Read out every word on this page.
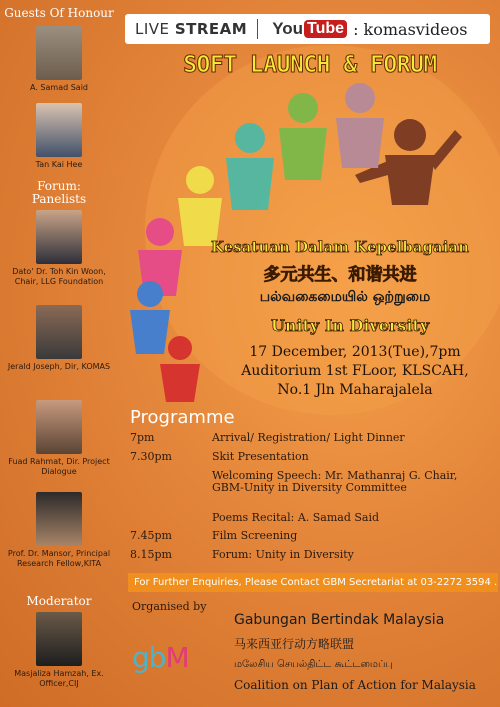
Guests Of Honour
A. Samad Said
Tan Kai Hee
Forum:
Panelists
Dato' Dr. Toh Kin Woon, Chair, LLG Foundation
Jerald Joseph, Dir, KOMAS
Fuad Rahmat, Dir. Project Dialogue
Prof. Dr. Mansor, Principal Research Fellow,KITA
Moderator
Masjaliza Hamzah, Ex. Officer,CIJ
LIVE STREAM You Tube : komasvideos
SOFT LAUNCH & FORUM
Kesatuan Dalam Kepelbagaian
多元共生、和谐共进
பல்வகைமையில் ஒற்றுமை
Unity In Diversity
17 December, 2013(Tue),7pm
Auditorium 1st FLoor, KLSCAH,
No.1 Jln Maharajalela
Programme
7pm	Arrival/ Registration/ Light Dinner
7.30pm	Skit Presentation
Welcoming Speech: Mr. Mathanraj G. Chair, GBM-Unity in Diversity Committee
Poems Recital: A. Samad Said
7.45pm	Film Screening
8.15pm	Forum: Unity in Diversity
For Further Enquiries, Please Contact GBM Secretariat at 03-2272 3594 .
Organised by
gbM
Gabungan Bertindak Malaysia
马来西亚行动方略联盟
மலேசிய செயல்திட்ட கூட்டமைப்பு
Coalition on Plan of Action for Malaysia
